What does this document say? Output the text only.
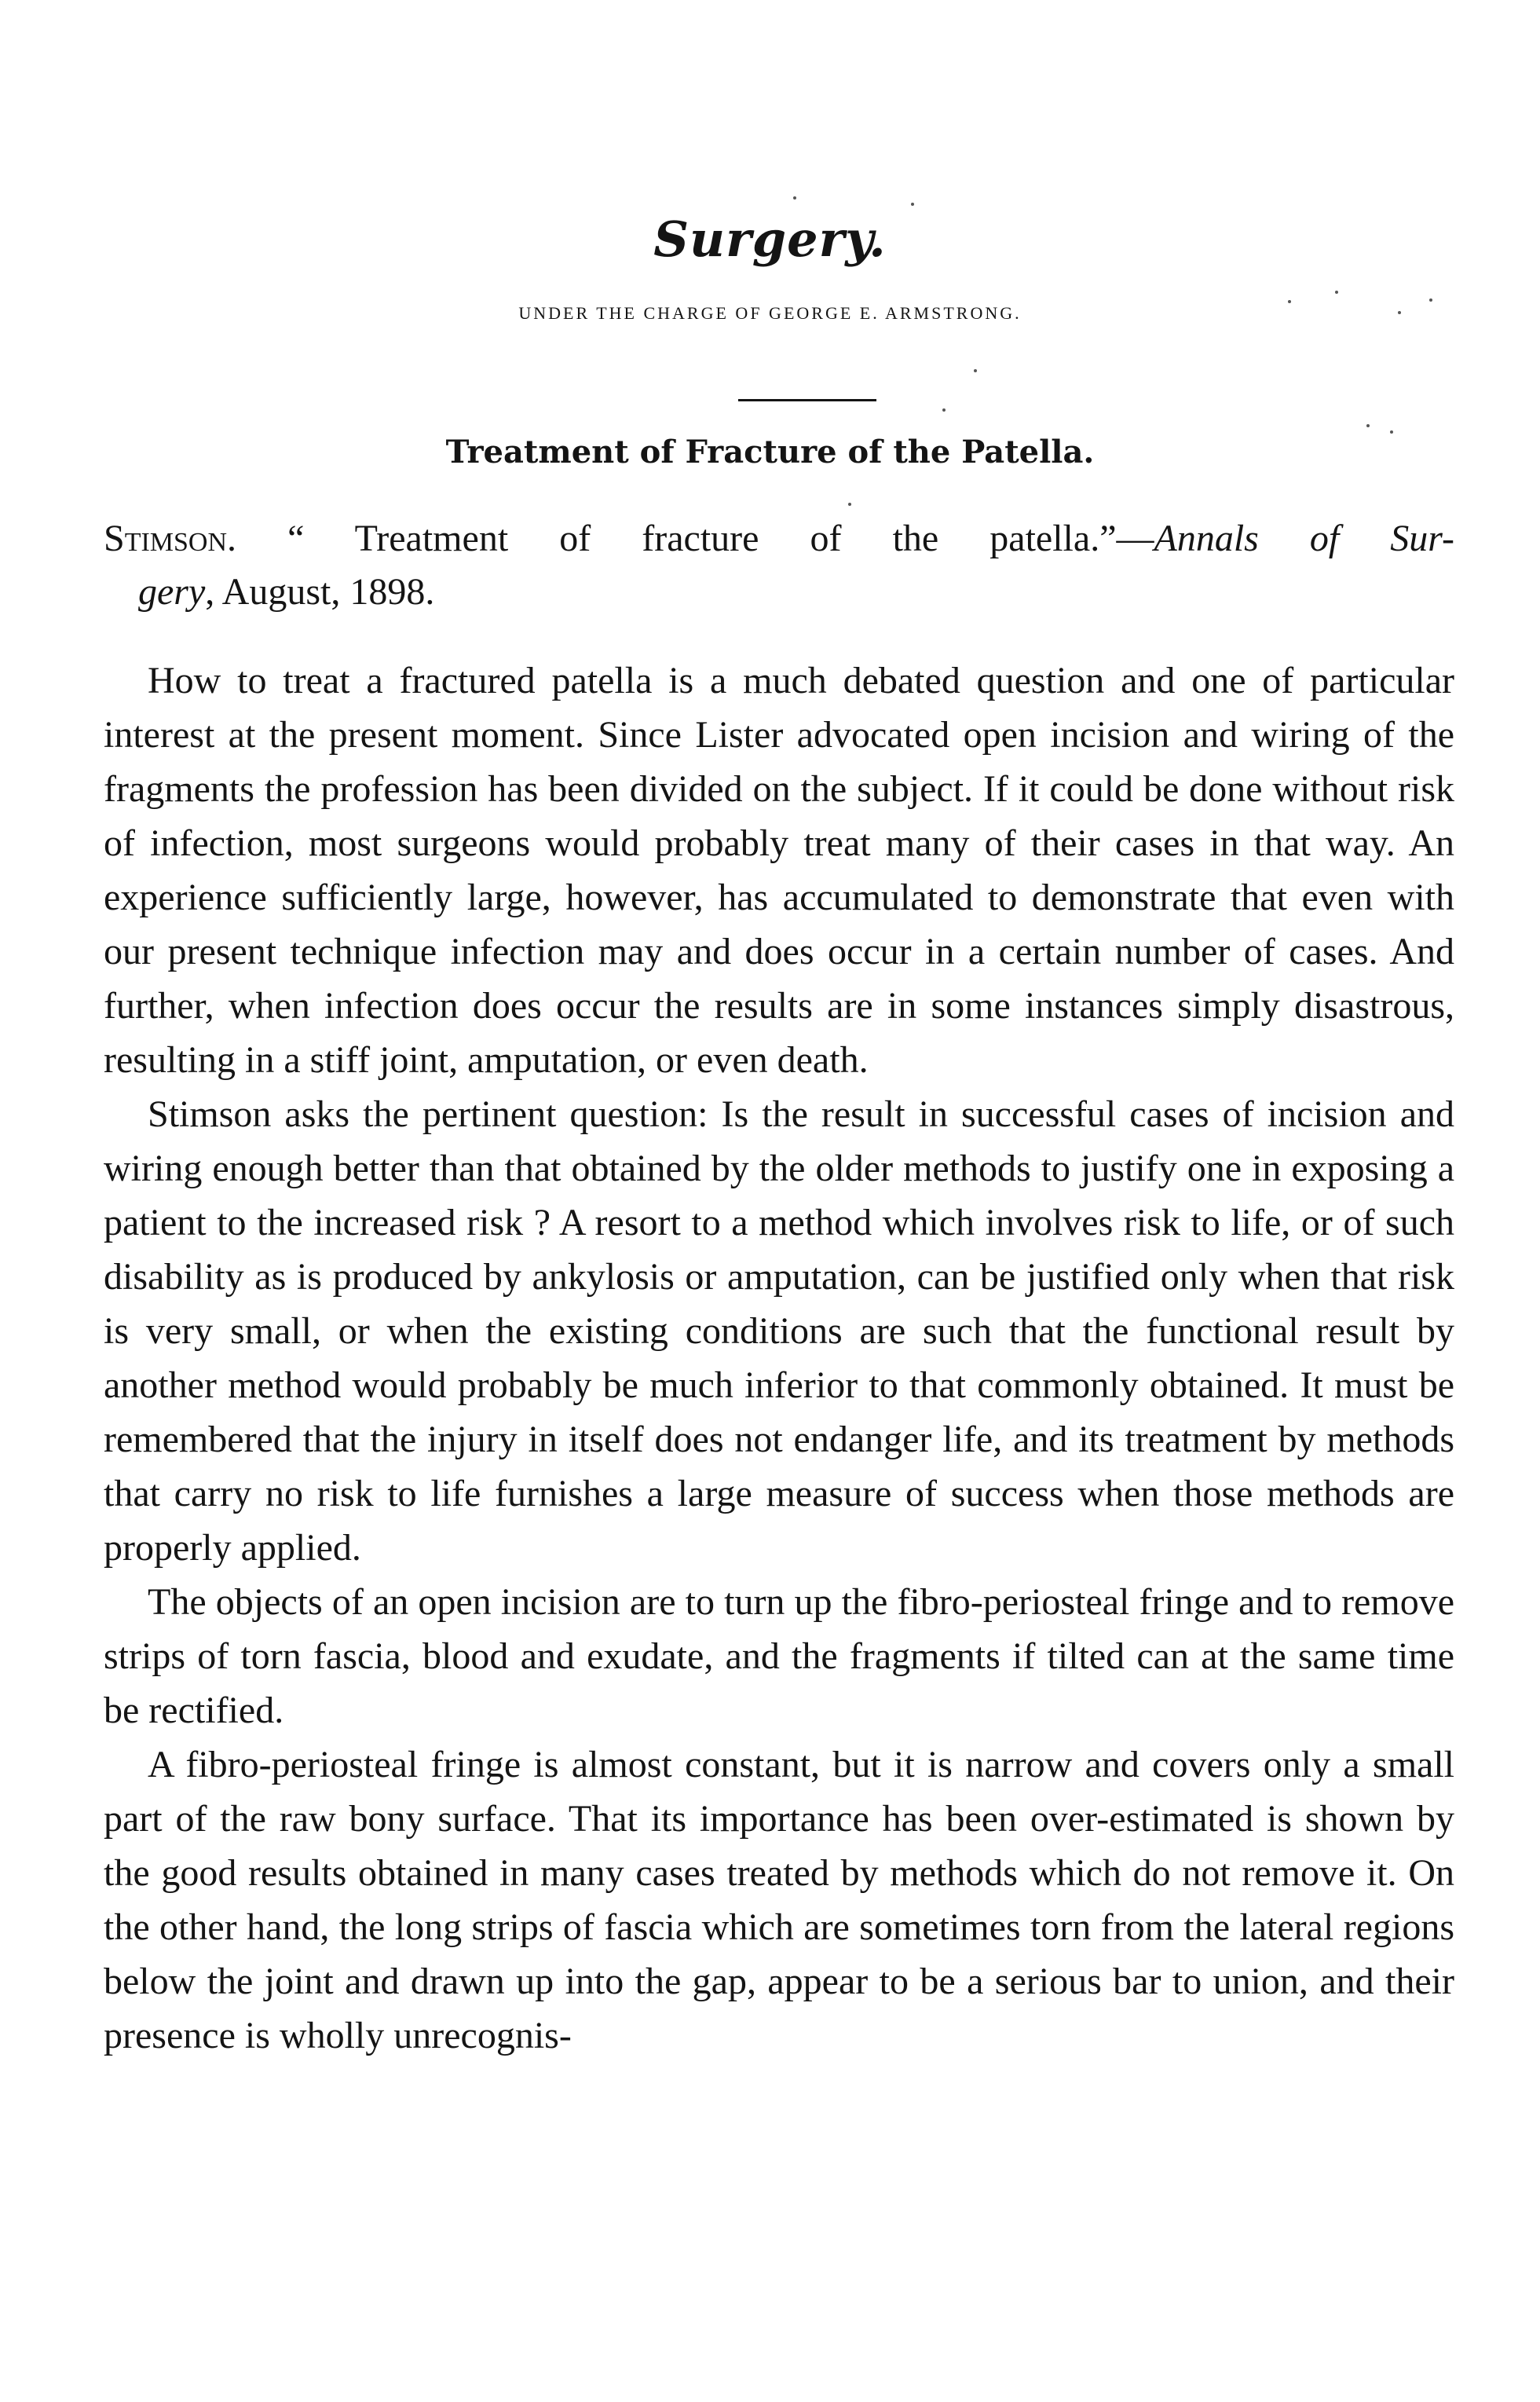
Surgery.
UNDER THE CHARGE OF GEORGE E. ARMSTRONG.
Treatment of Fracture of the Patella.
Stimson. “ Treatment of fracture of the patella.”—Annals of Sur-
gery, August, 1898.

How to treat a fractured patella is a much debated question and one of particular interest at the present moment. Since Lister advocated open incision and wiring of the fragments the profession has been divided on the subject. If it could be done without risk of infection, most surgeons would probably treat many of their cases in that way. An experience sufficiently large, however, has accumulated to demonstrate that even with our present technique infection may and does occur in a certain number of cases. And further, when infection does occur the results are in some instances simply disastrous, resulting in a stiff joint, amputation, or even death.

Stimson asks the pertinent question: Is the result in successful cases of incision and wiring enough better than that obtained by the older methods to justify one in exposing a patient to the increased risk ? A resort to a method which involves risk to life, or of such disability as is produced by ankylosis or amputation, can be justified only when that risk is very small, or when the existing conditions are such that the functional result by another method would probably be much inferior to that commonly obtained. It must be remembered that the injury in itself does not endanger life, and its treatment by methods that carry no risk to life furnishes a large measure of success when those methods are properly applied.

The objects of an open incision are to turn up the fibro-periosteal fringe and to remove strips of torn fascia, blood and exudate, and the fragments if tilted can at the same time be rectified.

A fibro-periosteal fringe is almost constant, but it is narrow and covers only a small part of the raw bony surface. That its importance has been over-estimated is shown by the good results obtained in many cases treated by methods which do not remove it. On the other hand, the long strips of fascia which are sometimes torn from the lateral regions below the joint and drawn up into the gap, appear to be a serious bar to union, and their presence is wholly unrecognis-
